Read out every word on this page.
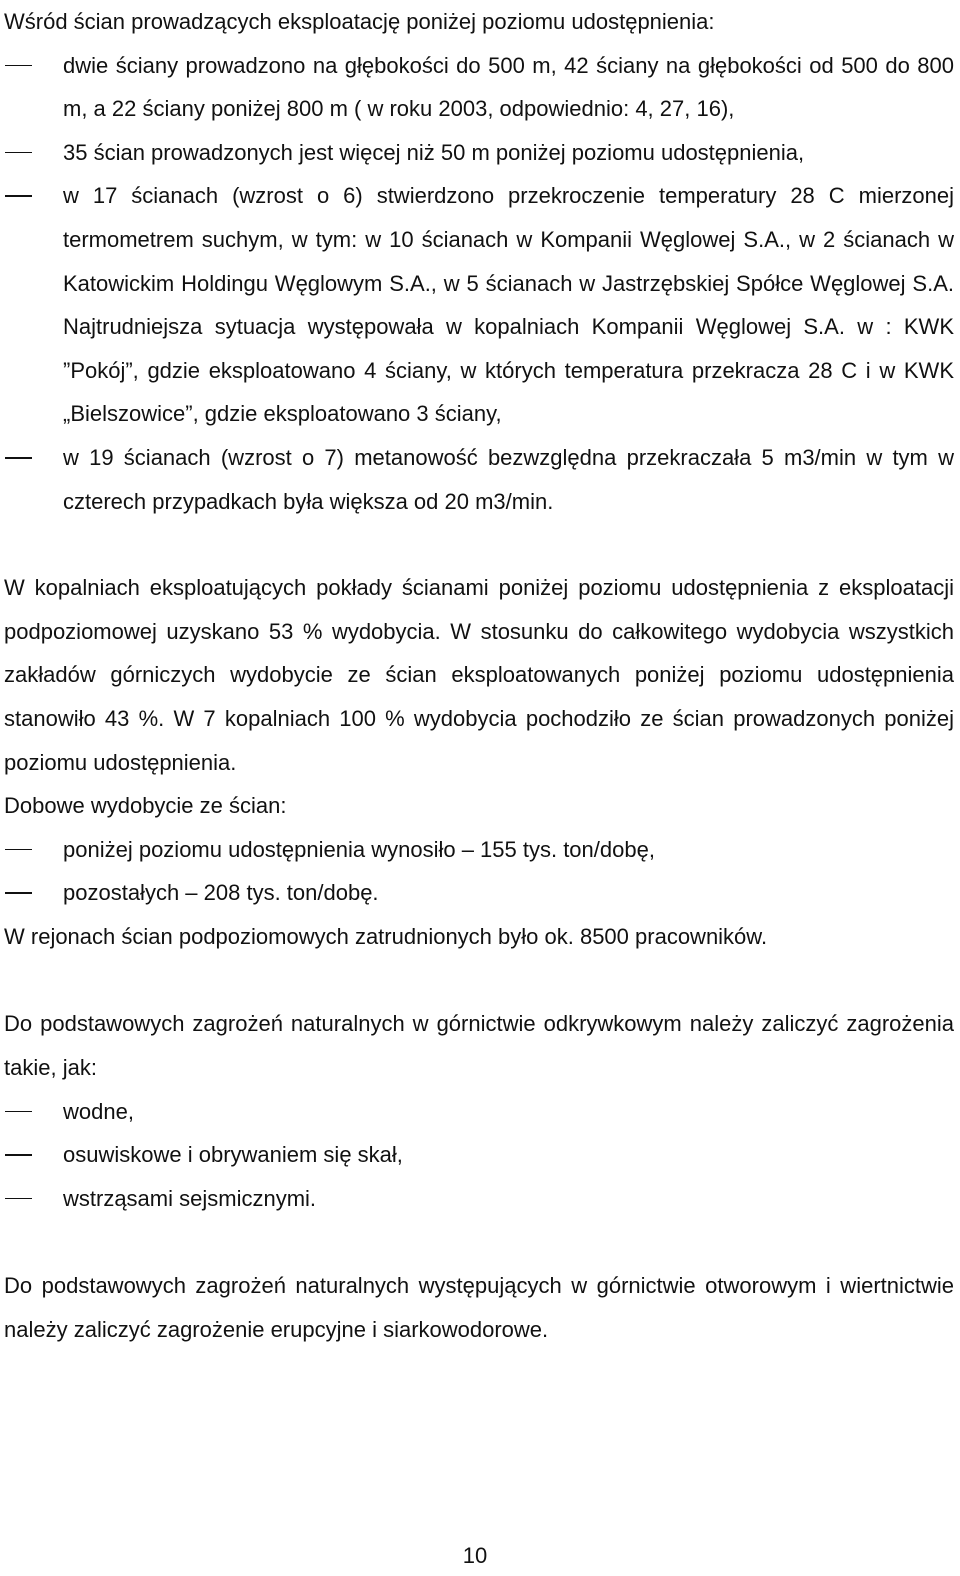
Wśród ścian prowadzących eksploatację poniżej poziomu udostępnienia:

dwie ściany prowadzono na głębokości do 500 m, 42 ściany na głębokości od 500 do 800 m, a 22 ściany poniżej 800 m ( w roku 2003, odpowiednio: 4, 27, 16),
35 ścian prowadzonych jest więcej niż 50 m poniżej poziomu udostępnienia,
w 17 ścianach (wzrost o 6) stwierdzono przekroczenie temperatury 28 C mierzonej termometrem suchym, w tym: w 10 ścianach w Kompanii Węglowej S.A., w 2 ścianach w Katowickim Holdingu Węglowym S.A., w 5 ścianach w Jastrzębskiej Spółce Węglowej S.A. Najtrudniejsza sytuacja występowała w kopalniach Kompanii Węglowej S.A. w : KWK ”Pokój”, gdzie eksploatowano 4 ściany, w których temperatura przekracza 28 C i w KWK „Bielszowice”, gdzie eksploatowano 3 ściany,
w 19 ścianach (wzrost o 7) metanowość bezwzględna przekraczała 5 m3/min w tym w czterech przypadkach była większa od 20 m3/min.

W kopalniach eksploatujących pokłady ścianami poniżej poziomu udostępnienia z eksploatacji podpoziomowej uzyskano 53 % wydobycia. W stosunku do całkowitego wydobycia wszystkich zakładów górniczych wydobycie ze ścian eksploatowanych poniżej poziomu udostępnienia stanowiło 43 %. W 7 kopalniach 100 % wydobycia pochodziło ze ścian prowadzonych poniżej poziomu udostępnienia.

Dobowe wydobycie ze ścian:

poniżej poziomu udostępnienia wynosiło – 155 tys. ton/dobę,
pozostałych – 208 tys. ton/dobę.

W rejonach ścian podpoziomowych zatrudnionych było ok. 8500 pracowników.

Do podstawowych zagrożeń naturalnych w górnictwie odkrywkowym należy zaliczyć zagrożenia takie, jak:

wodne,
osuwiskowe i obrywaniem się skał,
wstrząsami sejsmicznymi.

Do podstawowych zagrożeń naturalnych występujących w górnictwie otworowym i wiertnictwie należy zaliczyć zagrożenie erupcyjne i siarkowodorowe.

10
